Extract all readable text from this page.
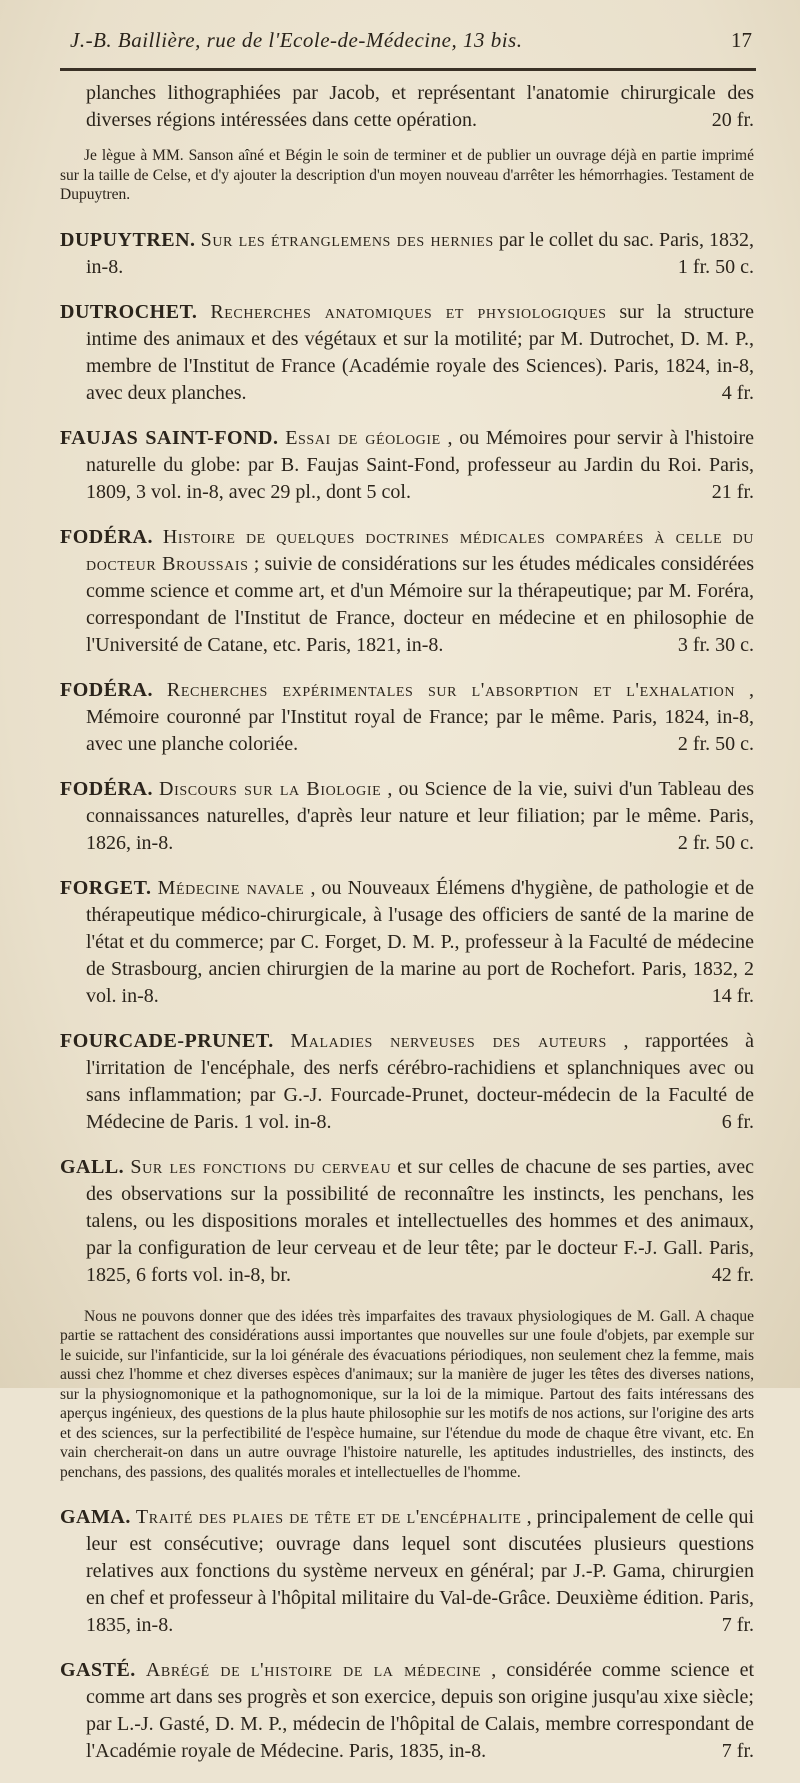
J.-B. Baillière, rue de l'Ecole-de-Médecine, 13 bis.	17
planches lithographiées par Jacob, et représentant l'anatomie chirurgicale des diverses régions intéressées dans cette opération.	20 fr.

Je lègue à MM. Sanson aîné et Bégin le soin de terminer et de publier un ouvrage déjà en partie imprimé sur la taille de Celse, et d'y ajouter la description d'un moyen nouveau d'arrêter les hémorrhagies. Testament de Dupuytren.

DUPUYTREN. Sur les étranglemens des hernies par le collet du sac. Paris, 1832, in-8.	1 fr. 50 c.
DUTROCHET. Recherches anatomiques et physiologiques sur la structure intime des animaux et des végétaux et sur la motilité; par M. Dutrochet, D. M. P., membre de l'Institut de France (Académie royale des Sciences). Paris, 1824, in-8, avec deux planches.	4 fr.
FAUJAS SAINT-FOND. Essai de géologie , ou Mémoires pour servir à l'histoire naturelle du globe: par B. Faujas Saint-Fond, professeur au Jardin du Roi. Paris, 1809, 3 vol. in-8, avec 29 pl., dont 5 col.	21 fr.
FODÉRA. Histoire de quelques doctrines médicales comparées à celle du docteur Broussais ; suivie de considérations sur les études médicales considérées comme science et comme art, et d'un Mémoire sur la thérapeutique; par M. Foréra, correspondant de l'Institut de France, docteur en médecine et en philosophie de l'Université de Catane, etc. Paris, 1821, in-8.	3 fr. 30 c.
FODÉRA. Recherches expérimentales sur l'absorption et l'exhalation , Mémoire couronné par l'Institut royal de France; par le même. Paris, 1824, in-8, avec une planche coloriée.	2 fr. 50 c.
FODÉRA. Discours sur la Biologie , ou Science de la vie, suivi d'un Tableau des connaissances naturelles, d'après leur nature et leur filiation; par le même. Paris, 1826, in-8.	2 fr. 50 c.
FORGET. Médecine navale , ou Nouveaux Élémens d'hygiène, de pathologie et de thérapeutique médico-chirurgicale, à l'usage des officiers de santé de la marine de l'état et du commerce; par C. Forget, D. M. P., professeur à la Faculté de médecine de Strasbourg, ancien chirurgien de la marine au port de Rochefort. Paris, 1832, 2 vol. in-8.	14 fr.
FOURCADE-PRUNET. Maladies nerveuses des auteurs , rapportées à l'irritation de l'encéphale, des nerfs cérébro-rachidiens et splanchniques avec ou sans inflammation; par G.-J. Fourcade-Prunet, docteur-médecin de la Faculté de Médecine de Paris. 1 vol. in-8.	6 fr.
GALL. Sur les fonctions du cerveau et sur celles de chacune de ses parties, avec des observations sur la possibilité de reconnaître les instincts, les penchans, les talens, ou les dispositions morales et intellectuelles des hommes et des animaux, par la configuration de leur cerveau et de leur tête; par le docteur F.-J. Gall. Paris, 1825, 6 forts vol. in-8, br.	42 fr.

Nous ne pouvons donner que des idées très imparfaites des travaux physiologiques de M. Gall. A chaque partie se rattachent des considérations aussi importantes que nouvelles sur une foule d'objets, par exemple sur le suicide, sur l'infanticide, sur la loi générale des évacuations périodiques, non seulement chez la femme, mais aussi chez l'homme et chez diverses espèces d'animaux; sur la manière de juger les têtes des diverses nations, sur la physiognomonique et la pathognomonique, sur la loi de la mimique. Partout des faits intéressans des aperçus ingénieux, des questions de la plus haute philosophie sur les motifs de nos actions, sur l'origine des arts et des sciences, sur la perfectibilité de l'espèce humaine, sur l'étendue du mode de chaque être vivant, etc. En vain chercherait-on dans un autre ouvrage l'histoire naturelle, les aptitudes industrielles, des instincts, des penchans, des passions, des qualités morales et intellectuelles de l'homme.

GAMA. Traité des plaies de tête et de l'encéphalite , principalement de celle qui leur est consécutive; ouvrage dans lequel sont discutées plusieurs questions relatives aux fonctions du système nerveux en général; par J.-P. Gama, chirurgien en chef et professeur à l'hôpital militaire du Val-de-Grâce. Deuxième édition. Paris, 1835, in-8.	7 fr.
GASTÉ. Abrégé de l'histoire de la médecine , considérée comme science et comme art dans ses progrès et son exercice, depuis son origine jusqu'au xixe siècle; par L.-J. Gasté, D. M. P., médecin de l'hôpital de Calais, membre correspondant de l'Académie royale de Médecine. Paris, 1835, in-8.	7 fr.
